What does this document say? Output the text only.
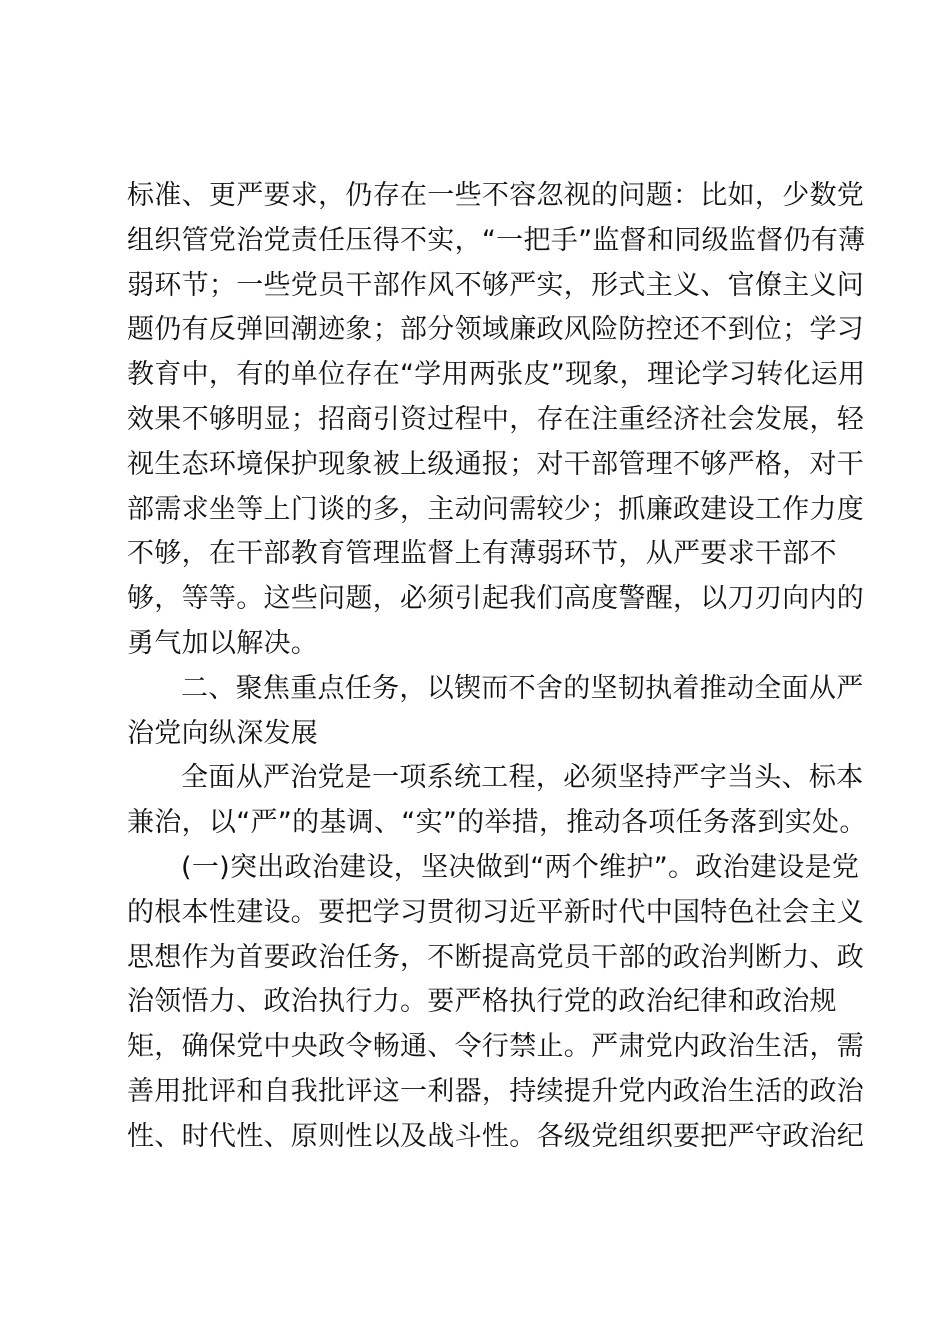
标准、更严要求，仍存在一些不容忽视的问题：比如，少数党
组织管党治党责任压得不实，“一把手”监督和同级监督仍有薄
弱环节；一些党员干部作风不够严实，形式主义、官僚主义问
题仍有反弹回潮迹象；部分领域廉政风险防控还不到位；学习
教育中，有的单位存在“学用两张皮”现象，理论学习转化运用
效果不够明显；招商引资过程中，存在注重经济社会发展，轻
视生态环境保护现象被上级通报；对干部管理不够严格，对干
部需求坐等上门谈的多，主动问需较少；抓廉政建设工作力度
不够，在干部教育管理监督上有薄弱环节，从严要求干部不
够，等等。这些问题，必须引起我们高度警醒，以刀刃向内的
勇气加以解决。
二、聚焦重点任务，以锲而不舍的坚韧执着推动全面从严
治党向纵深发展
全面从严治党是一项系统工程，必须坚持严字当头、标本
兼治，以“严”的基调、“实”的举措，推动各项任务落到实处。
(一)突出政治建设，坚决做到“两个维护”。政治建设是党
的根本性建设。要把学习贯彻习近平新时代中国特色社会主义
思想作为首要政治任务，不断提高党员干部的政治判断力、政
治领悟力、政治执行力。要严格执行党的政治纪律和政治规
矩，确保党中央政令畅通、令行禁止。严肃党内政治生活，需
善用批评和自我批评这一利器，持续提升党内政治生活的政治
性、时代性、原则性以及战斗性。各级党组织要把严守政治纪
